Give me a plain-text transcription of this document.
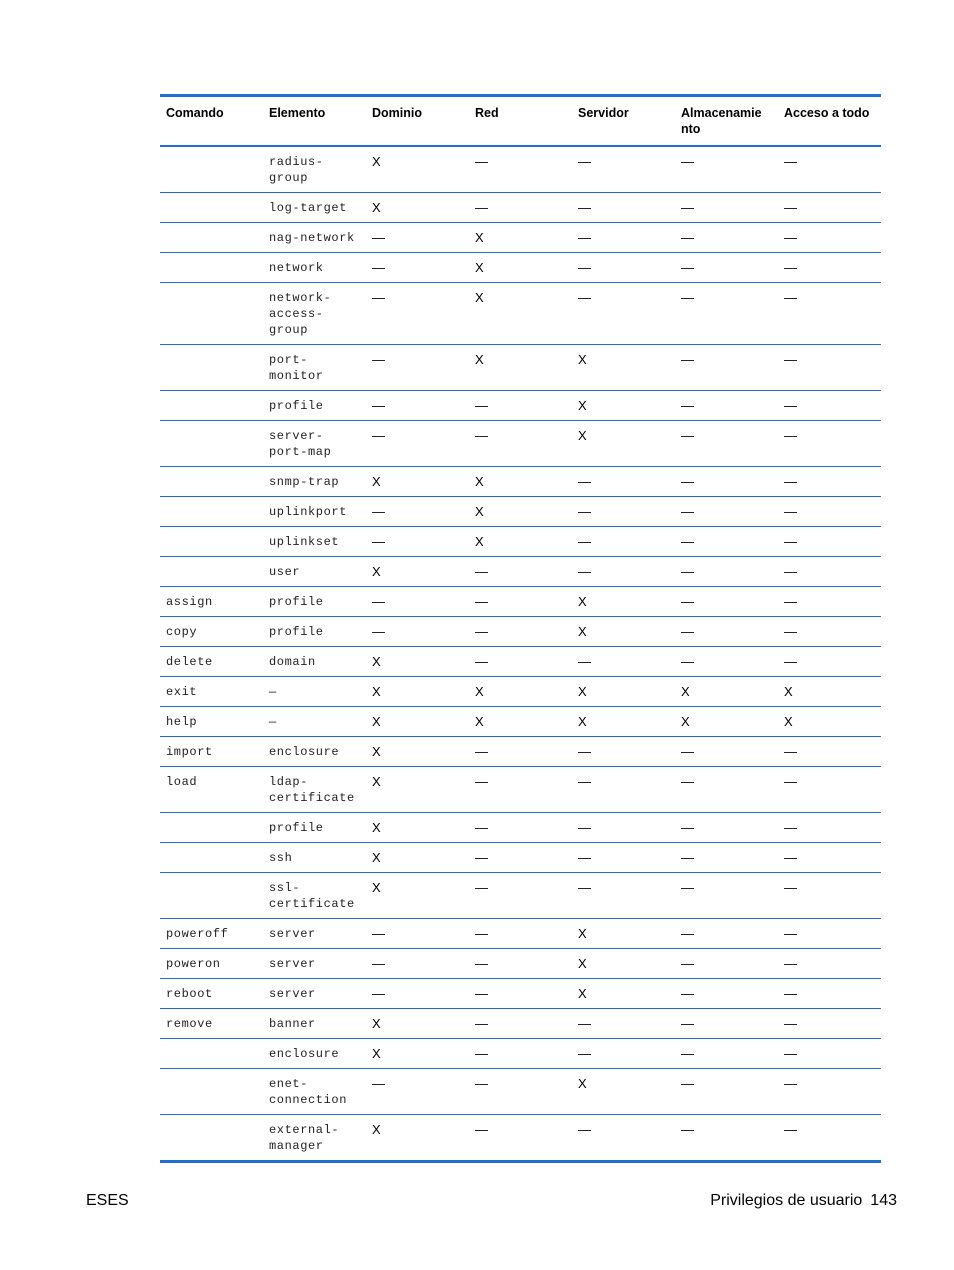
Comando	Elemento	Dominio	Red	Servidor	Almacenamie nto	Acceso a todo
	radius- group	X	—	—	—	—
	log-target	X	—	—	—	—
	nag-network	—	X	—	—	—
	network	—	X	—	—	—
	network- access- group	—	X	—	—	—
	port- monitor	—	X	X	—	—
	profile	—	—	X	—	—
	server- port-map	—	—	X	—	—
	snmp-trap	X	X	—	—	—
	uplinkport	—	X	—	—	—
	uplinkset	—	X	—	—	—
	user	X	—	—	—	—
assign	profile	—	—	X	—	—
copy	profile	—	—	X	—	—
delete	domain	X	—	—	—	—
exit	—	X	X	X	X	X
help	—	X	X	X	X	X
import	enclosure	X	—	—	—	—
load	ldap- certificate	X	—	—	—	—
	profile	X	—	—	—	—
	ssh	X	—	—	—	—
	ssl- certificate	X	—	—	—	—
poweroff	server	—	—	X	—	—
poweron	server	—	—	X	—	—
reboot	server	—	—	X	—	—
remove	banner	X	—	—	—	—
	enclosure	X	—	—	—	—
	enet- connection	—	—	X	—	—
	external- manager	X	—	—	—	—
ESES	Privilegios de usuario 143
